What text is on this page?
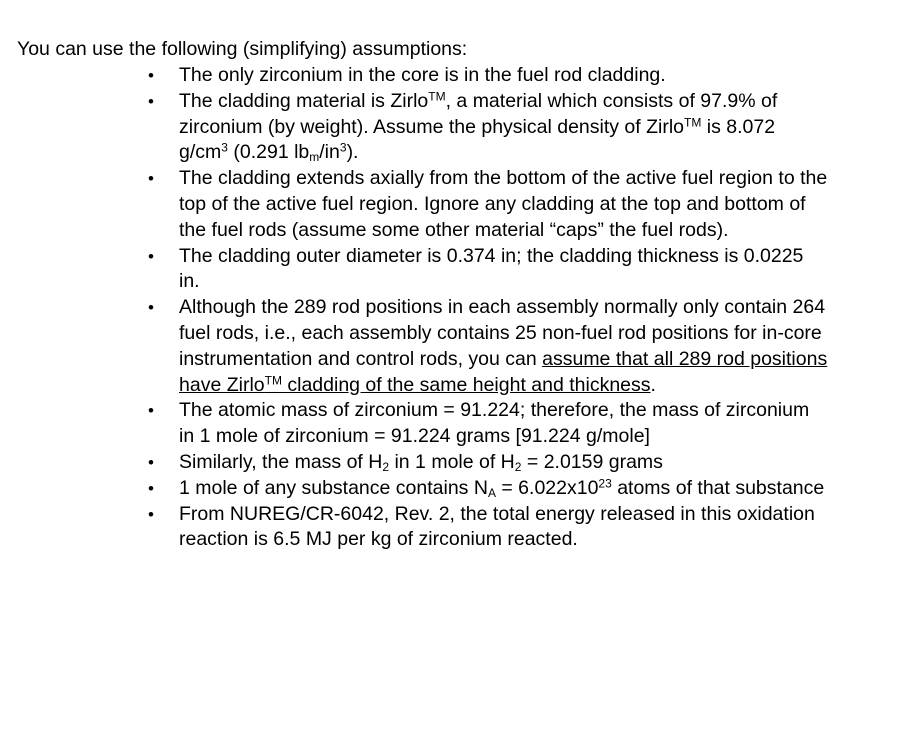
You can use the following (simplifying) assumptions:
• The only zirconium in the core is in the fuel rod cladding.
• The cladding material is Zirlo™, a material which consists of 97.9% of zirconium (by weight). Assume the physical density of Zirlo™ is 8.072 $g/cm^3$ (0.291 $lb_m/in^3$).
• The cladding extends axially from the bottom of the active fuel region to the top of the active fuel region. Ignore any cladding at the top and bottom of the fuel rods (assume some other material “caps” the fuel rods).
• The cladding outer diameter is 0.374 in; the cladding thickness is 0.0225 in.
• Although the 289 rod positions in each assembly normally only contain 264 fuel rods, i.e., each assembly contains 25 non-fuel rod positions for in-core instrumentation and control rods, you can assume that all 289 rod positions have Zirlo™ cladding of the same height and thickness.
• The atomic mass of zirconium = 91.224; therefore, the mass of zirconium in 1 mole of zirconium = 91.224 grams [91.224 g/mole]
• Similarly, the mass of $H_2$ in 1 mole of $H_2 = 2.0159$ grams
• 1 mole of any substance contains $N_A = 6.022x10^{23}$ atoms of that substance
• From NUREG/CR-6042, Rev. 2, the total energy released in this oxidation reaction is 6.5 MJ per kg of zirconium reacted.
